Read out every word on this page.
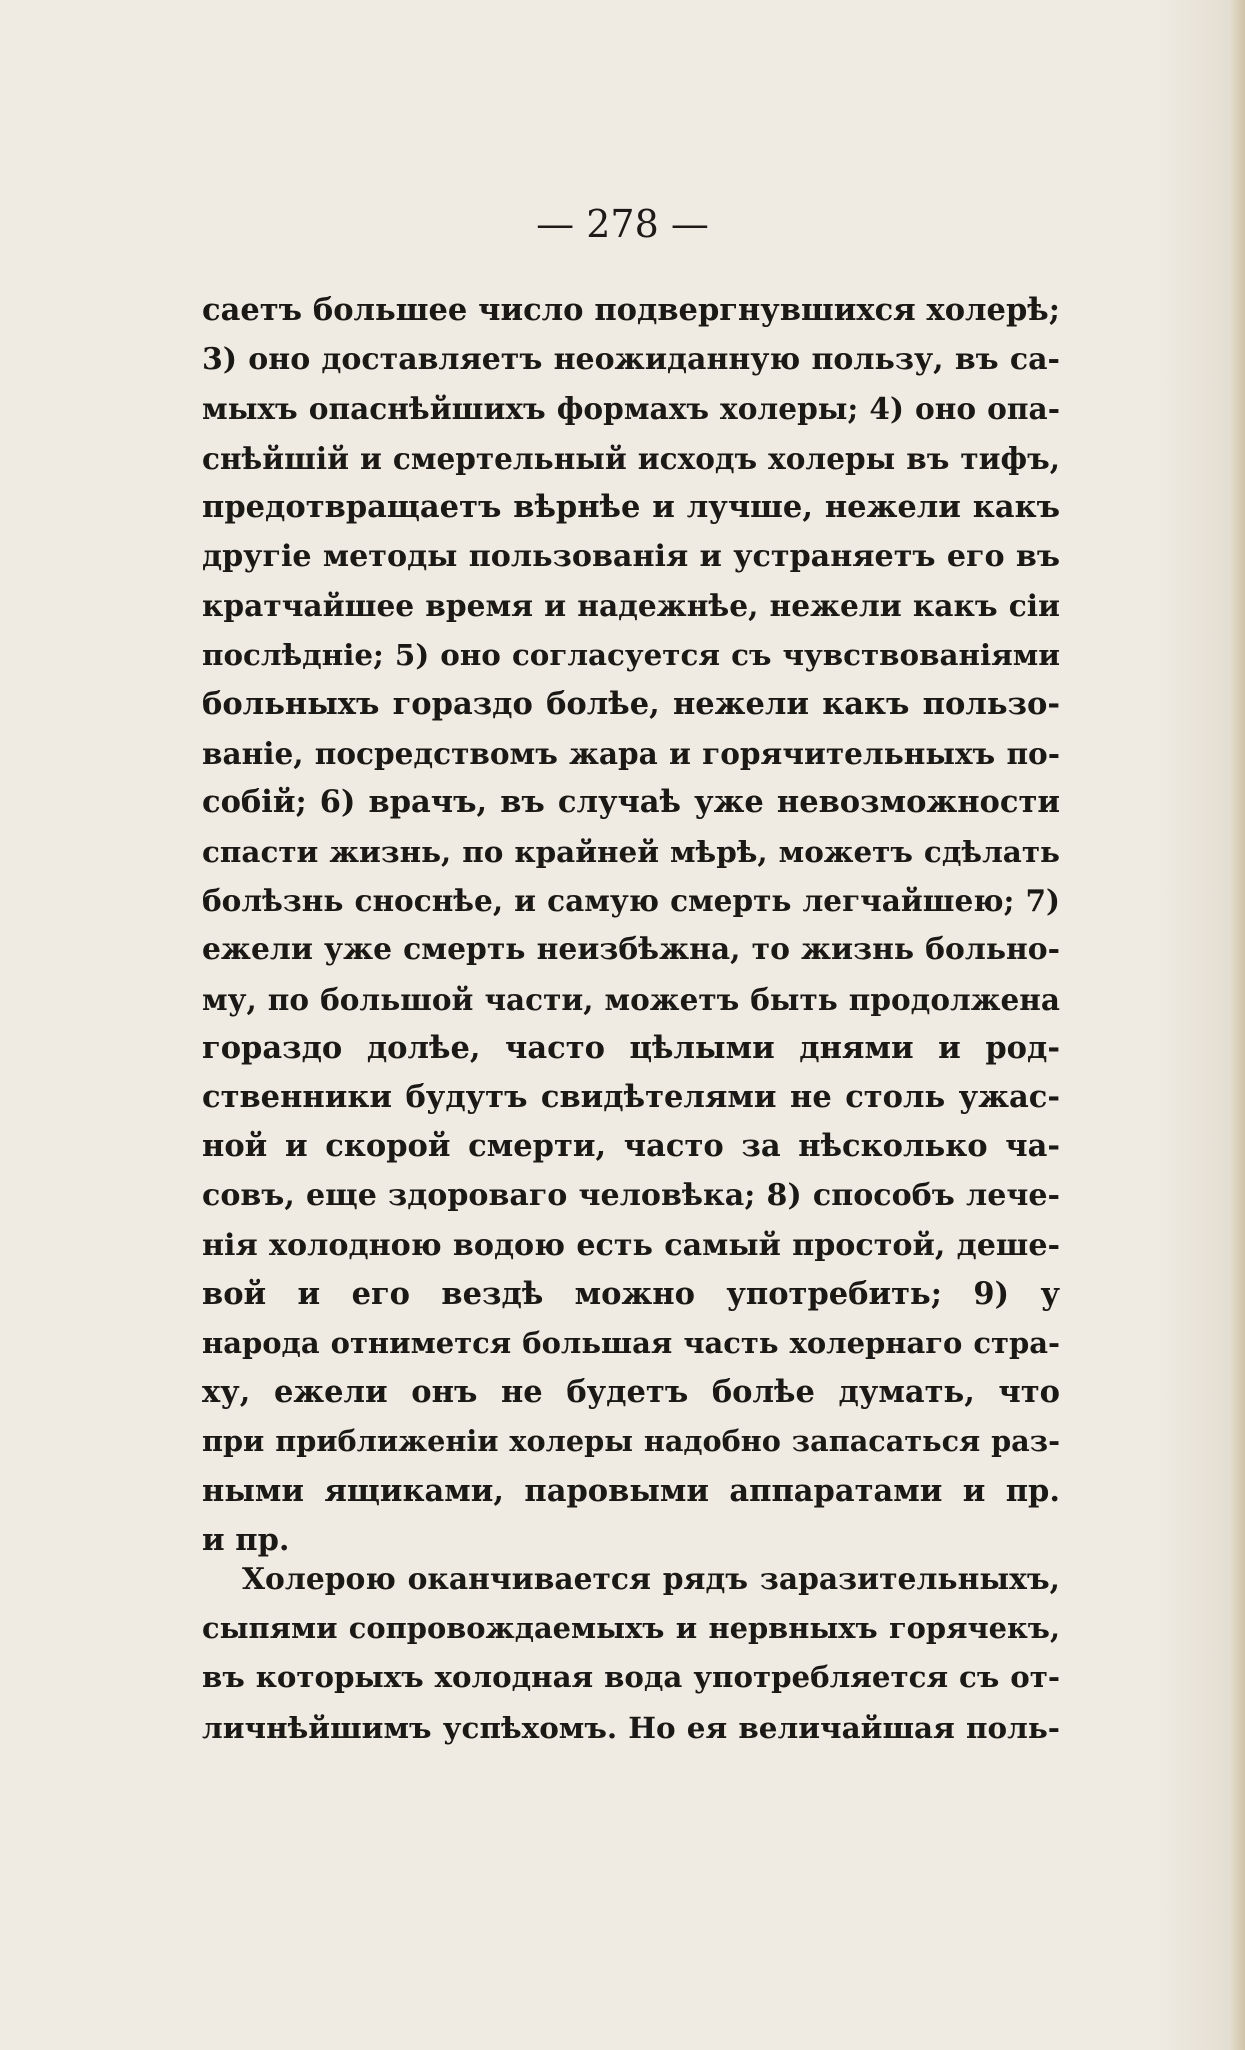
— 278 —

саетъ большее число подвергнувшихся холерѣ;
3) оно доставляетъ неожиданную пользу, въ са-
мыхъ опаснѣйшихъ формахъ холеры; 4) оно опа-
снѣйшій и смертельный исходъ холеры въ тифъ,
предотвращаетъ вѣрнѣе и лучше, нежели какъ
другіе методы пользованія и устраняетъ его въ
кратчайшее время и надежнѣе, нежели какъ сіи
послѣдніе; 5) оно согласуется съ чувствованіями
больныхъ гораздо болѣе, нежели какъ пользо-
ваніе, посредствомъ жара и горячительныхъ по-
собій; 6) врачъ, въ случаѣ уже невозможности
спасти жизнь, по крайней мѣрѣ, можетъ сдѣлать
болѣзнь сноснѣе, и самую смерть легчайшею; 7)
ежели уже смерть неизбѣжна, то жизнь больно-
му, по большой части, можетъ быть продолжена
гораздо долѣе, часто цѣлыми днями и род-
ственники будутъ свидѣтелями не столь ужас-
ной и скорой смерти, часто за нѣсколько ча-
совъ, еще здороваго человѣка; 8) способъ лече-
нія холодною водою есть самый простой, деше-
вой и его вездѣ можно употребить; 9) у
народа отнимется большая часть холернаго стра-
ху, ежели онъ не будетъ болѣе думать, что
при приближеніи холеры надобно запасаться раз-
ными ящиками, паровыми аппаратами и пр.
и пр.
Холерою оканчивается рядъ заразительныхъ,
сыпями сопровождаемыхъ и нервныхъ горячекъ,
въ которыхъ холодная вода употребляется съ от-
личнѣйшимъ успѣхомъ. Но ея величайшая поль-
